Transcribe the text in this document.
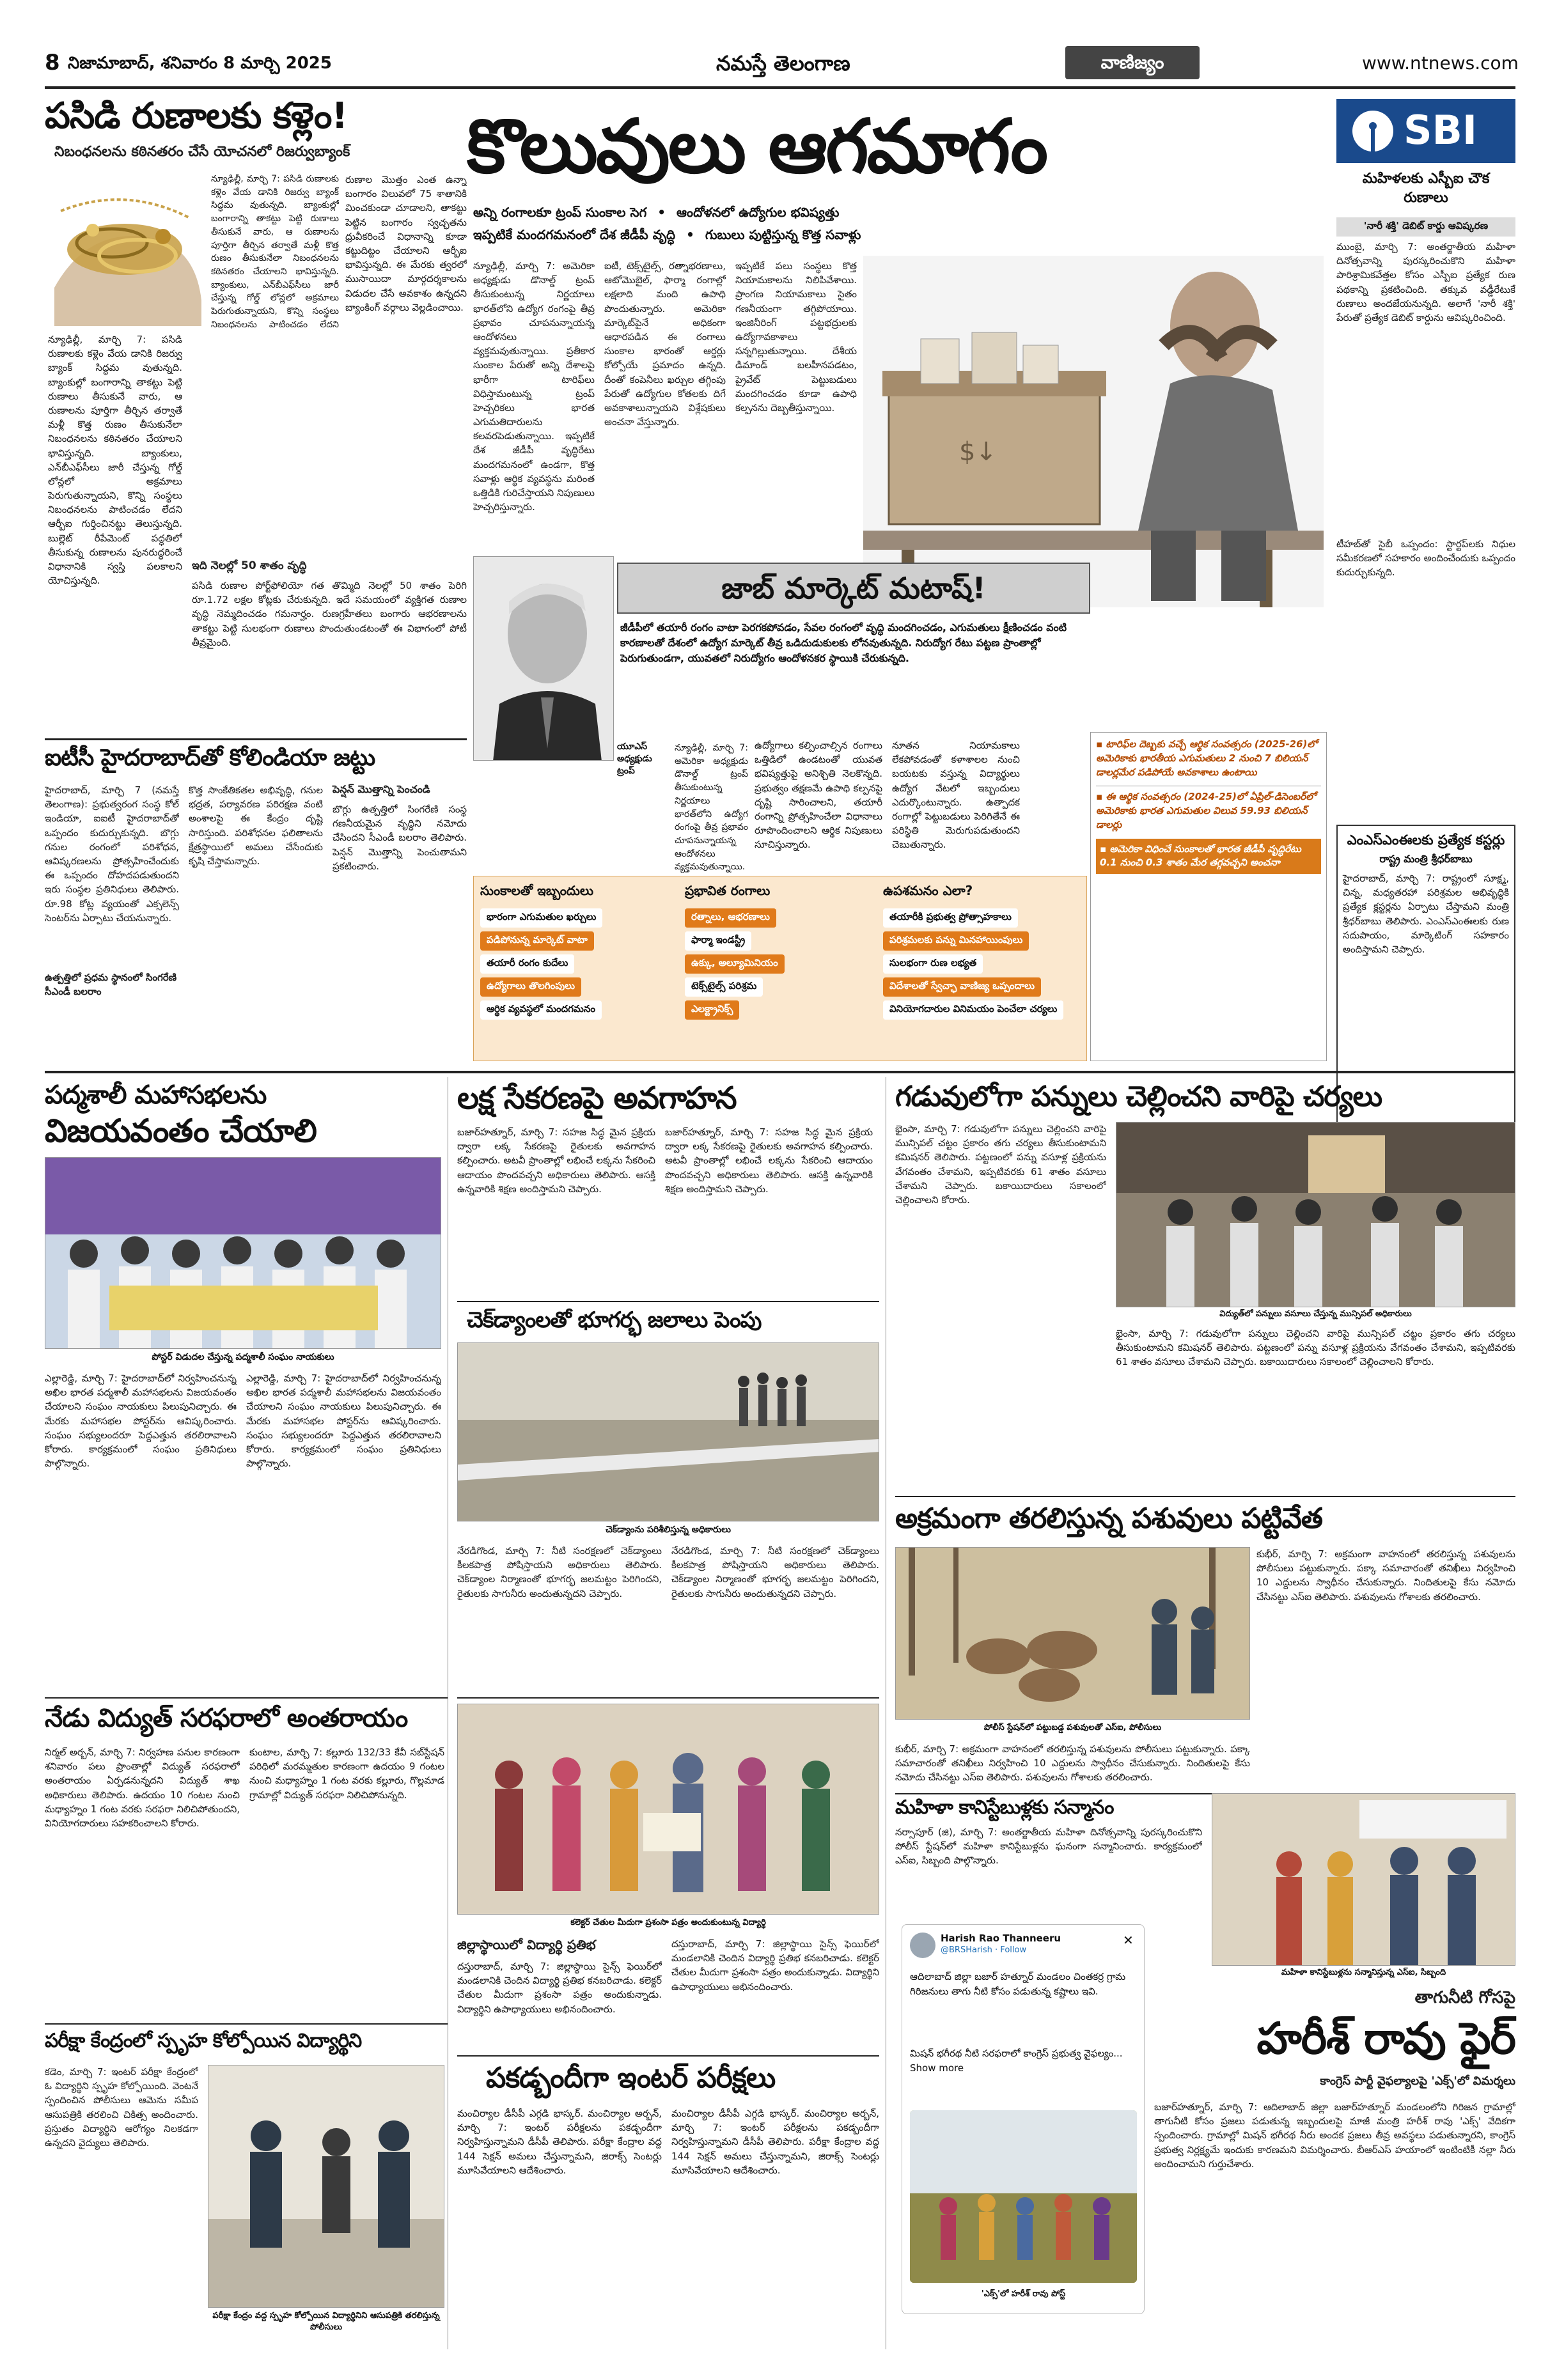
8 నిజామాబాద్, శనివారం 8 మార్చి 2025	నమస్తే తెలంగాణ	వాణిజ్యం	www.ntnews.com
పసిడి రుణాలకు కళ్లెం!
నిబంధనలను కఠినతరం చేసే యోచనలో రిజర్వుబ్యాంక్
న్యూఢిల్లీ, మార్చి 7: పసిడి రుణాలకు కళ్లెం వేయ డానికి రిజర్వు బ్యాంక్ సిద్ధమ వుతున్నది. బ్యాంకుల్లో బంగారాన్ని తాకట్టు పెట్టి రుణాలు తీసుకునే వారు, ఆ రుణాలను పూర్తిగా తీర్చిన తర్వాతే మళ్లీ కొత్త రుణం తీసుకునేలా నిబంధనలను కఠినతరం చేయాలని భావిస్తున్నది. బ్యాంకులు, ఎన్‌బీఎఫ్‌సీలు జారీ చేస్తున్న గోల్డ్ లోన్లలో అక్రమాలు పెరుగుతున్నాయని, కొన్ని సంస్థలు నిబంధనలను పాటించడం లేదని
రుణాల మొత్తం ఎంత ఉన్నా బంగారం విలువలో 75 శాతానికి మించకుండా చూడాలని, తాకట్టు పెట్టిన బంగారం స్వచ్ఛతను ధ్రువీకరించే విధానాన్ని కూడా కట్టుదిట్టం చేయాలని ఆర్బీఐ భావిస్తున్నది. ఈ మేరకు త్వరలో ముసాయిదా మార్గదర్శకాలను విడుదల చేసే అవకాశం ఉన్నదని బ్యాంకింగ్ వర్గాలు వెల్లడించాయి.
న్యూఢిల్లీ, మార్చి 7: పసిడి రుణాలకు కళ్లెం వేయ డానికి రిజర్వు బ్యాంక్ సిద్ధమ వుతున్నది. బ్యాంకుల్లో బంగారాన్ని తాకట్టు పెట్టి రుణాలు తీసుకునే వారు, ఆ రుణాలను పూర్తిగా తీర్చిన తర్వాతే మళ్లీ కొత్త రుణం తీసుకునేలా నిబంధనలను కఠినతరం చేయాలని భావిస్తున్నది. బ్యాంకులు, ఎన్‌బీఎఫ్‌సీలు జారీ చేస్తున్న గోల్డ్ లోన్లలో అక్రమాలు పెరుగుతున్నాయని, కొన్ని సంస్థలు నిబంధనలను పాటించడం లేదని ఆర్బీఐ గుర్తించినట్టు తెలుస్తున్నది. బుల్లెట్ రీపేమెంట్ పద్ధతిలో తీసుకున్న రుణాలను పునరుద్ధరించే విధానానికి స్వస్తి పలకాలని యోచిస్తున్నది.
ఇది నెలల్లో 50 శాతం వృద్ధి
పసిడి రుణాల పోర్ట్‌ఫోలియో గత తొమ్మిది నెలల్లో 50 శాతం పెరిగి రూ.1.72 లక్షల కోట్లకు చేరుకున్నది. ఇదే సమయంలో వ్యక్తిగత రుణాల వృద్ధి నెమ్మదించడం గమనార్హం. రుణగ్రహీతలు బంగారు ఆభరణాలను తాకట్టు పెట్టి సులభంగా రుణాలు పొందుతుండటంతో ఈ విభాగంలో పోటీ తీవ్రమైంది.
SBI
మహిళలకు ఎస్బీఐ చౌక రుణాలు
'నారీ శక్తి' డెబిట్ కార్డు ఆవిష్కరణ
ముంబై, మార్చి 7: అంతర్జాతీయ మహిళా దినోత్సవాన్ని పురస్కరించుకొని మహిళా పారిశ్రామికవేత్తల కోసం ఎస్బీఐ ప్రత్యేక రుణ పథకాన్ని ప్రకటించింది. తక్కువ వడ్డీరేటుకే రుణాలు అందజేయనున్నది. అలాగే 'నారీ శక్తి' పేరుతో ప్రత్యేక డెబిట్ కార్డును ఆవిష్కరించింది.
టీహబ్‌తో సైబీ ఒప్పందం: స్టార్టప్‌లకు నిధుల సమీకరణలో సహకారం అందించేందుకు ఒప్పందం కుదుర్చుకున్నది.
ఎంఎస్ఎంఈలకు ప్రత్యేక కస్టర్లు
రాష్ట్ర మంత్రి శ్రీధర్‌బాబు
హైదరాబాద్, మార్చి 7: రాష్ట్రంలో సూక్ష్మ, చిన్న, మధ్యతరహా పరిశ్రమల అభివృద్ధికి ప్రత్యేక క్లస్టర్లను ఏర్పాటు చేస్తామని మంత్రి శ్రీధర్‌బాబు తెలిపారు. ఎంఎస్ఎంఈలకు రుణ సదుపాయం, మార్కెటింగ్ సహకారం అందిస్తామని చెప్పారు.
కొలువులు ఆగమాగం
అన్ని రంగాలకూ ట్రంప్ సుంకాల సెగ • ఆందోళనలో ఉద్యోగుల భవిష్యత్తు
ఇప్పటికే మందగమనంలో దేశ జీడీపీ వృద్ధి • గుబులు పుట్టిస్తున్న కొత్త సవాళ్లు
$↓
న్యూఢిల్లీ, మార్చి 7: అమెరికా అధ్యక్షుడు డొనాల్డ్ ట్రంప్ తీసుకుంటున్న నిర్ణయాలు భారత్‌లోని ఉద్యోగ రంగంపై తీవ్ర ప్రభావం చూపనున్నాయన్న ఆందోళనలు వ్యక్తమవుతున్నాయి. ప్రతీకార సుంకాల పేరుతో అన్ని దేశాలపై భారీగా టారిఫ్‌లు విధిస్తామంటున్న ట్రంప్ హెచ్చరికలు భారత ఎగుమతిదారులను కలవరపెడుతున్నాయి. ఇప్పటికే దేశ జీడీపీ వృద్ధిరేటు మందగమనంలో ఉండగా, కొత్త సవాళ్లు ఆర్థిక వ్యవస్థను మరింత ఒత్తిడికి గురిచేస్తాయని నిపుణులు హెచ్చరిస్తున్నారు.
ఐటీ, టెక్స్‌టైల్స్, రత్నాభరణాలు, ఆటోమొబైల్, ఫార్మా రంగాల్లో లక్షలాది మంది ఉపాధి పొందుతున్నారు. అమెరికా మార్కెట్‌పైనే అధికంగా ఆధారపడిన ఈ రంగాలు సుంకాల భారంతో ఆర్డర్లు కోల్పోయే ప్రమాదం ఉన్నది. దీంతో కంపెనీలు ఖర్చుల తగ్గింపు పేరుతో ఉద్యోగుల కోతలకు దిగే అవకాశాలున్నాయని విశ్లేషకులు అంచనా వేస్తున్నారు.
ఇప్పటికే పలు సంస్థలు కొత్త నియామకాలను నిలిపివేశాయి. ప్రాంగణ నియామకాలు సైతం గణనీయంగా తగ్గిపోయాయి. ఇంజినీరింగ్ పట్టభద్రులకు ఉద్యోగావకాశాలు సన్నగిల్లుతున్నాయి. దేశీయ డిమాండ్ బలహీనపడటం, ప్రైవేట్ పెట్టుబడులు మందగించడం కూడా ఉపాధి కల్పనను దెబ్బతీస్తున్నాయి.
జాబ్ మార్కెట్ మటాష్!
జీడీపీలో తయారీ రంగం వాటా పెరగకపోవడం, సేవల రంగంలో వృద్ధి మందగించడం, ఎగుమతులు క్షీణించడం వంటి కారణాలతో దేశంలో ఉద్యోగ మార్కెట్ తీవ్ర ఒడిదుడుకులకు లోనవుతున్నది. నిరుద్యోగ రేటు పట్టణ ప్రాంతాల్లో పెరుగుతుండగా, యువతలో నిరుద్యోగం ఆందోళనకర స్థాయికి చేరుకున్నది.
ఉద్యోగాలు కల్పించాల్సిన రంగాలు ఒత్తిడిలో ఉండటంతో యువత భవిష్యత్తుపై అనిశ్చితి నెలకొన్నది. ప్రభుత్వం తక్షణమే ఉపాధి కల్పనపై దృష్టి సారించాలని, తయారీ రంగాన్ని ప్రోత్సహించేలా విధానాలు రూపొందించాలని ఆర్థిక నిపుణులు సూచిస్తున్నారు.
నూతన నియామకాలు లేకపోవడంతో కళాశాలల నుంచి బయటకు వస్తున్న విద్యార్థులు ఉద్యోగ వేటలో ఇబ్బందులు ఎదుర్కొంటున్నారు. ఉత్పాదక రంగాల్లో పెట్టుబడులు పెరిగితేనే ఈ పరిస్థితి మెరుగుపడుతుందని చెబుతున్నారు.
యూఎస్ అధ్యక్షుడు ట్రంప్
న్యూఢిల్లీ, మార్చి 7: అమెరికా అధ్యక్షుడు డొనాల్డ్ ట్రంప్ తీసుకుంటున్న నిర్ణయాలు భారత్‌లోని ఉద్యోగ రంగంపై తీవ్ర ప్రభావం చూపనున్నాయన్న ఆందోళనలు వ్యక్తమవుతున్నాయి.
▪ టారిఫ్‌ల దెబ్బకు వచ్చే ఆర్థిక సంవత్సరం (2025-26)లో అమెరికాకు భారతీయ ఎగుమతులు 2 నుంచి 7 బిలియన్ డాలర్లమేర పడిపోయే అవకాశాలు ఉంటాయి
▪ ఈ ఆర్థిక సంవత్సరం (2024-25)లో ఏప్రిల్-డిసెంబర్‌లో అమెరికాకు భారత ఎగుమతుల విలువ 59.93 బిలియన్ డాలర్లు
▪ అమెరికా విధించే సుంకాలతో భారత జీడీపీ వృద్ధిరేటు 0.1 నుంచి 0.3 శాతం మేర తగ్గవచ్చని అంచనా
సుంకాలతో ఇబ్బందులు
భారంగా ఎగుమతుల ఖర్చులు
పడిపోనున్న మార్కెట్ వాటా
తయారీ రంగం కుదేలు
ఉద్యోగాలు తొలగింపులు
ఆర్థిక వ్యవస్థలో మందగమనం
ప్రభావిత రంగాలు
రత్నాలు, ఆభరణాలు
ఫార్మా ఇండస్ట్రీ
ఉక్కు, అల్యూమినియం
టెక్స్‌టైల్స్ పరిశ్రమ
ఎలక్ట్రానిక్స్
ఉపశమనం ఎలా?
తయారీకి ప్రభుత్వ ప్రోత్సాహకాలు
పరిశ్రమలకు పన్ను మినహాయింపులు
సులభంగా రుణ లభ్యత
విదేశాలతో స్వేచ్ఛా వాణిజ్య ఒప్పందాలు
వినియోగదారుల వినిమయం పెంచేలా చర్యలు
ఐటీసీ హైదరాబాద్‌తో కోలిండియా జట్టు
హైదరాబాద్, మార్చి 7 (నమస్తే తెలంగాణ): ప్రభుత్వరంగ సంస్థ కోల్ ఇండియా, ఐఐటీ హైదరాబాద్‌తో ఒప్పందం కుదుర్చుకున్నది. బొగ్గు గనుల రంగంలో పరిశోధన, ఆవిష్కరణలను ప్రోత్సహించేందుకు ఈ ఒప్పందం దోహదపడుతుందని ఇరు సంస్థల ప్రతినిధులు తెలిపారు. రూ.98 కోట్ల వ్యయంతో ఎక్సలెన్స్ సెంటర్‌ను ఏర్పాటు చేయనున్నారు.
కొత్త సాంకేతికతల అభివృద్ధి, గనుల భద్రత, పర్యావరణ పరిరక్షణ వంటి అంశాలపై ఈ కేంద్రం దృష్టి సారిస్తుంది. పరిశోధనల ఫలితాలను క్షేత్రస్థాయిలో అమలు చేసేందుకు కృషి చేస్తామన్నారు.
పెన్షన్ మొత్తాన్ని పెంచండి
బొగ్గు ఉత్పత్తిలో సింగరేణి సంస్థ గణనీయమైన వృద్ధిని నమోదు చేసిందని సీఎండీ బలరాం తెలిపారు. పెన్షన్ మొత్తాన్ని పెంచుతామని ప్రకటించారు.
ఉత్పత్తిలో ప్రధమ స్థానంలో సింగరేణి సీఎండీ బలరాం
పద్మశాలీ మహాసభలను
విజయవంతం చేయాలి
పోస్టర్ విడుదల చేస్తున్న పద్మశాలీ సంఘం నాయకులు
ఎల్లారెడ్డి, మార్చి 7: హైదరాబాద్‌లో నిర్వహించనున్న అఖిల భారత పద్మశాలీ మహాసభలను విజయవంతం చేయాలని సంఘం నాయకులు పిలుపునిచ్చారు. ఈ మేరకు మహాసభల పోస్టర్‌ను ఆవిష్కరించారు. సంఘం సభ్యులందరూ పెద్దఎత్తున తరలిరావాలని కోరారు. కార్యక్రమంలో సంఘం ప్రతినిధులు పాల్గొన్నారు.
ఎల్లారెడ్డి, మార్చి 7: హైదరాబాద్‌లో నిర్వహించనున్న అఖిల భారత పద్మశాలీ మహాసభలను విజయవంతం చేయాలని సంఘం నాయకులు పిలుపునిచ్చారు. ఈ మేరకు మహాసభల పోస్టర్‌ను ఆవిష్కరించారు. సంఘం సభ్యులందరూ పెద్దఎత్తున తరలిరావాలని కోరారు. కార్యక్రమంలో సంఘం ప్రతినిధులు పాల్గొన్నారు.
లక్ష సేకరణపై అవగాహన
బజార్‌హత్నూర్, మార్చి 7: సహజ సిద్ధ మైన ప్రక్రియ ద్వారా లక్క సేకరణపై రైతులకు అవగాహన కల్పించారు. అటవీ ప్రాంతాల్లో లభించే లక్కను సేకరించి ఆదాయం పొందవచ్చని అధికారులు తెలిపారు. ఆసక్తి ఉన్నవారికి శిక్షణ అందిస్తామని చెప్పారు.
బజార్‌హత్నూర్, మార్చి 7: సహజ సిద్ధ మైన ప్రక్రియ ద్వారా లక్క సేకరణపై రైతులకు అవగాహన కల్పించారు. అటవీ ప్రాంతాల్లో లభించే లక్కను సేకరించి ఆదాయం పొందవచ్చని అధికారులు తెలిపారు. ఆసక్తి ఉన్నవారికి శిక్షణ అందిస్తామని చెప్పారు.
చెక్‌డ్యాంలతో భూగర్భ జలాలు పెంపు
చెక్‌డ్యాంను పరిశీలిస్తున్న అధికారులు
నేరడిగొండ, మార్చి 7: నీటి సంరక్షణలో చెక్‌డ్యాంలు కీలకపాత్ర పోషిస్తాయని అధికారులు తెలిపారు. చెక్‌డ్యాంల నిర్మాణంతో భూగర్భ జలమట్టం పెరిగిందని, రైతులకు సాగునీరు అందుతున్నదని చెప్పారు.
నేరడిగొండ, మార్చి 7: నీటి సంరక్షణలో చెక్‌డ్యాంలు కీలకపాత్ర పోషిస్తాయని అధికారులు తెలిపారు. చెక్‌డ్యాంల నిర్మాణంతో భూగర్భ జలమట్టం పెరిగిందని, రైతులకు సాగునీరు అందుతున్నదని చెప్పారు.
గడువులోగా పన్నులు చెల్లించని వారిపై చర్యలు
భైంసా, మార్చి 7: గడువులోగా పన్నులు చెల్లించని వారిపై మున్సిపల్ చట్టం ప్రకారం తగు చర్యలు తీసుకుంటామని కమిషనర్ తెలిపారు. పట్టణంలో పన్ను వసూళ్ల ప్రక్రియను వేగవంతం చేశామని, ఇప్పటివరకు 61 శాతం వసూలు చేశామని చెప్పారు. బకాయిదారులు సకాలంలో చెల్లించాలని కోరారు.
విద్యుత్‌లో పన్నులు వసూలు చేస్తున్న మున్సిపల్ అధికారులు
భైంసా, మార్చి 7: గడువులోగా పన్నులు చెల్లించని వారిపై మున్సిపల్ చట్టం ప్రకారం తగు చర్యలు తీసుకుంటామని కమిషనర్ తెలిపారు. పట్టణంలో పన్ను వసూళ్ల ప్రక్రియను వేగవంతం చేశామని, ఇప్పటివరకు 61 శాతం వసూలు చేశామని చెప్పారు. బకాయిదారులు సకాలంలో చెల్లించాలని కోరారు.
అక్రమంగా తరలిస్తున్న పశువులు పట్టివేత
కుభీర్, మార్చి 7: అక్రమంగా వాహనంలో తరలిస్తున్న పశువులను పోలీసులు పట్టుకున్నారు. పక్కా సమాచారంతో తనిఖీలు నిర్వహించి 10 ఎద్దులను స్వాధీనం చేసుకున్నారు. నిందితులపై కేసు నమోదు చేసినట్టు ఎస్ఐ తెలిపారు. పశువులను గోశాలకు తరలించారు.
పోలీస్ స్టేషన్‌లో పట్టుబడ్డ పశువులతో ఎస్ఐ, పోలీసులు
కుభీర్, మార్చి 7: అక్రమంగా వాహనంలో తరలిస్తున్న పశువులను పోలీసులు పట్టుకున్నారు. పక్కా సమాచారంతో తనిఖీలు నిర్వహించి 10 ఎద్దులను స్వాధీనం చేసుకున్నారు. నిందితులపై కేసు నమోదు చేసినట్టు ఎస్ఐ తెలిపారు. పశువులను గోశాలకు తరలించారు.
నేడు విద్యుత్ సరఫరాలో అంతరాయం
నిర్మల్ అర్బన్, మార్చి 7: నిర్వహణ పనుల కారణంగా శనివారం పలు ప్రాంతాల్లో విద్యుత్ సరఫరాలో అంతరాయం ఏర్పడనున్నదని విద్యుత్ శాఖ అధికారులు తెలిపారు. ఉదయం 10 గంటల నుంచి మధ్యాహ్నం 1 గంట వరకు సరఫరా నిలిచిపోతుందని, వినియోగదారులు సహకరించాలని కోరారు.
కుంటాల, మార్చి 7: కల్లూరు 132/33 కేవీ సబ్‌స్టేషన్ పరిధిలో మరమ్మతుల కారణంగా ఉదయం 9 గంటల నుంచి మధ్యాహ్నం 1 గంట వరకు కల్లూరు, గొల్లమాడ గ్రామాల్లో విద్యుత్ సరఫరా నిలిచిపోనున్నది.
పరీక్షా కేంద్రంలో స్పృహ కోల్పోయిన విద్యార్థిని
కడెం, మార్చి 7: ఇంటర్ పరీక్షా కేంద్రంలో ఓ విద్యార్థిని స్పృహ కోల్పోయింది. వెంటనే స్పందించిన పోలీసులు ఆమెను సమీప ఆసుపత్రికి తరలించి చికిత్స అందించారు. ప్రస్తుతం విద్యార్థిని ఆరోగ్యం నిలకడగా ఉన్నదని వైద్యులు తెలిపారు.
పరీక్షా కేంద్రం వద్ద స్పృహ కోల్పోయిన విద్యార్థినిని ఆసుపత్రికి తరలిస్తున్న పోలీసులు
కలెక్టర్ చేతుల మీదుగా ప్రశంసా పత్రం అందుకుంటున్న విద్యార్థి
జిల్లాస్థాయిలో విద్యార్థి ప్రతిభ
దస్తురాబాద్, మార్చి 7: జిల్లాస్థాయి సైన్స్ ఫెయిర్‌లో మండలానికి చెందిన విద్యార్థి ప్రతిభ కనబరిచాడు. కలెక్టర్ చేతుల మీదుగా ప్రశంసా పత్రం అందుకున్నాడు. విద్యార్థిని ఉపాధ్యాయులు అభినందించారు.
దస్తురాబాద్, మార్చి 7: జిల్లాస్థాయి సైన్స్ ఫెయిర్‌లో మండలానికి చెందిన విద్యార్థి ప్రతిభ కనబరిచాడు. కలెక్టర్ చేతుల మీదుగా ప్రశంసా పత్రం అందుకున్నాడు. విద్యార్థిని ఉపాధ్యాయులు అభినందించారు.
పకడ్బందీగా ఇంటర్ పరీక్షలు
మంచిర్యాల డీసీపీ ఎగ్గడి భాస్కర్. మంచిర్యాల అర్బన్, మార్చి 7: ఇంటర్ పరీక్షలను పకడ్బందీగా నిర్వహిస్తున్నామని డీసీపీ తెలిపారు. పరీక్షా కేంద్రాల వద్ద 144 సెక్షన్ అమలు చేస్తున్నామని, జిరాక్స్ సెంటర్లు మూసివేయాలని ఆదేశించారు.
మంచిర్యాల డీసీపీ ఎగ్గడి భాస్కర్. మంచిర్యాల అర్బన్, మార్చి 7: ఇంటర్ పరీక్షలను పకడ్బందీగా నిర్వహిస్తున్నామని డీసీపీ తెలిపారు. పరీక్షా కేంద్రాల వద్ద 144 సెక్షన్ అమలు చేస్తున్నామని, జిరాక్స్ సెంటర్లు మూసివేయాలని ఆదేశించారు.
మహిళా కానిస్టేబుళ్లకు సన్మానం
నర్సాపూర్ (జి), మార్చి 7: అంతర్జాతీయ మహిళా దినోత్సవాన్ని పురస్కరించుకొని పోలీస్ స్టేషన్‌లో మహిళా కానిస్టేబుళ్లను ఘనంగా సన్మానించారు. కార్యక్రమంలో ఎస్ఐ, సిబ్బంది పాల్గొన్నారు.
మహిళా కానిస్టేబుళ్లను సన్మానిస్తున్న ఎస్ఐ, సిబ్బంది
Harish Rao Thanneeru
@BRSHarish · Follow
✕
ఆదిలాబాద్ జిల్లా బజార్ హత్నూర్ మండలం చింతకర్ర గ్రామ గిరిజనులు తాగు నీటి కోసం పడుతున్న కష్టాలు ఇవి.
మిషన్ భగీరథ నీటి సరఫరాలో కాంగ్రెస్ ప్రభుత్వ వైఫల్యం... Show more
'ఎక్స్'లో హరీశ్ రావు పోస్ట్
తాగునీటి గోసపై
హరీశ్ రావు ఫైర్
కాంగ్రెస్ పార్టీ వైఫల్యాలపై 'ఎక్స్'లో విమర్శలు
బజార్‌హత్నూర్, మార్చి 7: ఆదిలాబాద్ జిల్లా బజార్‌హత్నూర్ మండలంలోని గిరిజన గ్రామాల్లో తాగునీటి కోసం ప్రజలు పడుతున్న ఇబ్బందులపై మాజీ మంత్రి హరీశ్ రావు 'ఎక్స్' వేదికగా స్పందించారు. గ్రామాల్లో మిషన్ భగీరథ నీరు అందక ప్రజలు తీవ్ర అవస్థలు పడుతున్నారని, కాంగ్రెస్ ప్రభుత్వ నిర్లక్ష్యమే ఇందుకు కారణమని విమర్శించారు. బీఆర్ఎస్ హయాంలో ఇంటింటికీ నల్లా నీరు అందించామని గుర్తుచేశారు.
